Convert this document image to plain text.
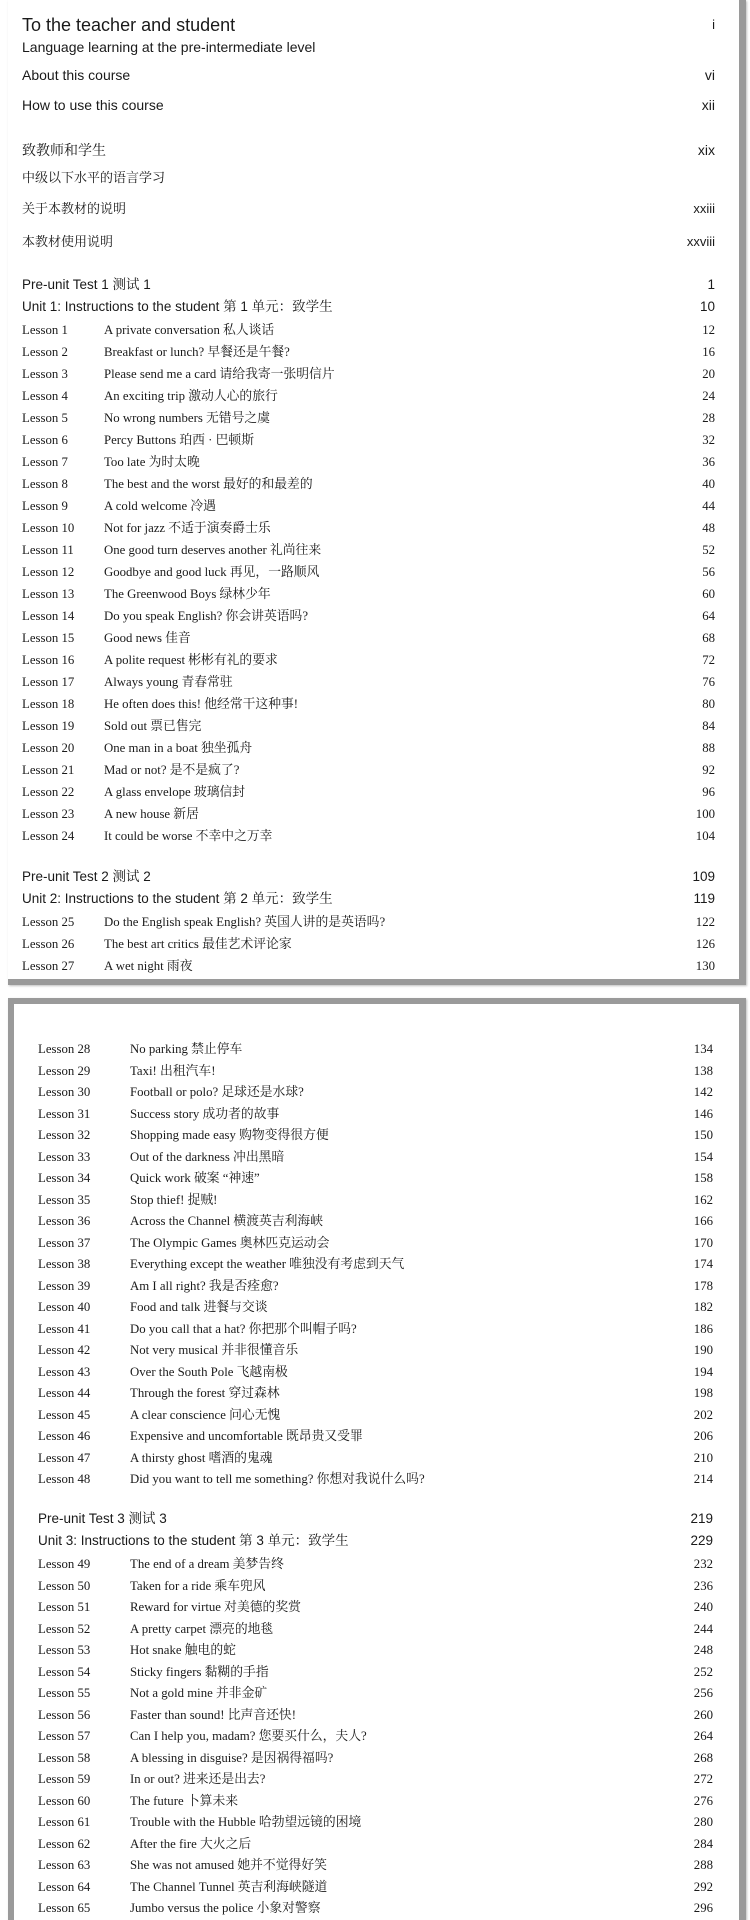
To the teacher and student	i
Language learning at the pre-intermediate level
About this course	vi
How to use this course	xii
致教师和学生	xix
中级以下水平的语言学习
关于本教材的说明	xxiii
本教材使用说明	xxviii
Pre-unit Test 1 测试 1	1
Unit 1: Instructions to the student 第 1 单元：致学生	10
Lesson 1	A private conversation 私人谈话	12
Lesson 2	Breakfast or lunch? 早餐还是午餐?	16
Lesson 3	Please send me a card 请给我寄一张明信片	20
Lesson 4	An exciting trip 激动人心的旅行	24
Lesson 5	No wrong numbers 无错号之虞	28
Lesson 6	Percy Buttons 珀西 · 巴顿斯	32
Lesson 7	Too late 为时太晚	36
Lesson 8	The best and the worst 最好的和最差的	40
Lesson 9	A cold welcome 冷遇	44
Lesson 10 Not for jazz 不适于演奏爵士乐	48
Lesson 11 One good turn deserves another 礼尚往来	52
Lesson 12 Goodbye and good luck 再见，一路顺风	56
Lesson 13 The Greenwood Boys 绿林少年	60
Lesson 14 Do you speak English? 你会讲英语吗?	64
Lesson 15 Good news 佳音	68
Lesson 16 A polite request 彬彬有礼的要求	72
Lesson 17 Always young 青春常驻	76
Lesson 18 He often does this! 他经常干这种事!	80
Lesson 19 Sold out 票已售完	84
Lesson 20 One man in a boat 独坐孤舟	88
Lesson 21 Mad or not? 是不是疯了?	92
Lesson 22 A glass envelope 玻璃信封	96
Lesson 23 A new house 新居	100
Lesson 24 It could be worse 不幸中之万幸	104
Pre-unit Test 2 测试 2	109
Unit 2: Instructions to the student 第 2 单元：致学生	119
Lesson 25 Do the English speak English? 英国人讲的是英语吗?	122
Lesson 26 The best art critics 最佳艺术评论家	126
Lesson 27 A wet night 雨夜	130
Lesson 28	No parking 禁止停车	134
Lesson 29	Taxi! 出租汽车!	138
Lesson 30	Football or polo? 足球还是水球?	142
Lesson 31	Success story 成功者的故事	146
Lesson 32	Shopping made easy 购物变得很方便	150
Lesson 33	Out of the darkness 冲出黑暗	154
Lesson 34	Quick work 破案 “神速”	158
Lesson 35	Stop thief! 捉贼!	162
Lesson 36	Across the Channel 横渡英吉利海峡	166
Lesson 37	The Olympic Games 奥林匹克运动会	170
Lesson 38	Everything except the weather 唯独没有考虑到天气	174
Lesson 39	Am I all right? 我是否痊愈?	178
Lesson 40	Food and talk 进餐与交谈	182
Lesson 41	Do you call that a hat? 你把那个叫帽子吗?	186
Lesson 42	Not very musical 并非很懂音乐	190
Lesson 43	Over the South Pole 飞越南极	194
Lesson 44	Through the forest 穿过森林	198
Lesson 45	A clear conscience 问心无愧	202
Lesson 46	Expensive and uncomfortable 既昂贵又受罪	206
Lesson 47	A thirsty ghost 嗜酒的鬼魂	210
Lesson 48	Did you want to tell me something? 你想对我说什么吗?	214
Pre-unit Test 3 测试 3	219
Unit 3: Instructions to the student 第 3 单元：致学生	229
Lesson 49	The end of a dream 美梦告终	232
Lesson 50	Taken for a ride 乘车兜风	236
Lesson 51	Reward for virtue 对美德的奖赏	240
Lesson 52	A pretty carpet 漂亮的地毯	244
Lesson 53	Hot snake 触电的蛇	248
Lesson 54	Sticky fingers 黏糊的手指	252
Lesson 55	Not a gold mine 并非金矿	256
Lesson 56	Faster than sound! 比声音还快!	260
Lesson 57	Can I help you, madam? 您要买什么，夫人?	264
Lesson 58	A blessing in disguise? 是因祸得福吗?	268
Lesson 59	In or out? 进来还是出去?	272
Lesson 60	The future 卜算未来	276
Lesson 61	Trouble with the Hubble 哈勃望远镜的困境	280
Lesson 62	After the fire 大火之后	284
Lesson 63	She was not amused 她并不觉得好笑	288
Lesson 64	The Channel Tunnel 英吉利海峡隧道	292
Lesson 65	Jumbo versus the police 小象对警察	296
